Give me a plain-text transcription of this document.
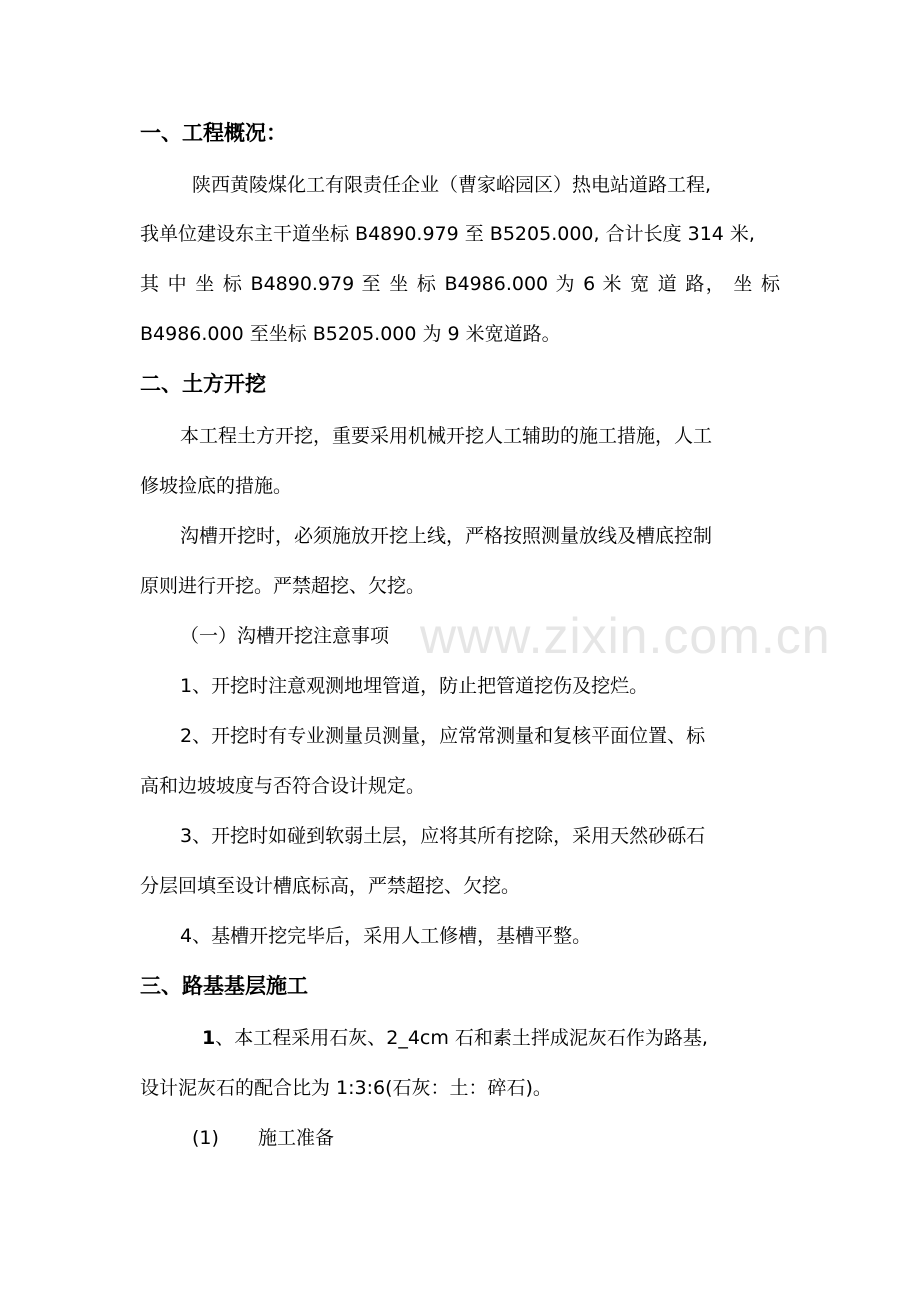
www.zixin.com.cn
一、工程概况：
陕西黄陵煤化工有限责任企业（曹家峪园区）热电站道路工程,
我单位建设东主干道坐标 B4890.979 至 B5205.000, 合计长度 314 米,
其 中 坐 标 B4890.979 至 坐 标 B4986.000 为 6 米 宽 道 路， 坐 标
B4986.000 至坐标 B5205.000 为 9 米宽道路。
二、土方开挖
本工程土方开挖，重要采用机械开挖人工辅助的施工措施，人工
修坡捡底的措施。
沟槽开挖时，必须施放开挖上线，严格按照测量放线及槽底控制
原则进行开挖。严禁超挖、欠挖。
（一）沟槽开挖注意事项
1、开挖时注意观测地埋管道，防止把管道挖伤及挖烂。
2、开挖时有专业测量员测量，应常常测量和复核平面位置、标
高和边坡坡度与否符合设计规定。
3、开挖时如碰到软弱土层，应将其所有挖除，采用天然砂砾石
分层回填至设计槽底标高，严禁超挖、欠挖。
4、基槽开挖完毕后，采用人工修槽，基槽平整。
三、路基基层施工
1、本工程采用石灰、2_4cm 石和素土拌成泥灰石作为路基,
设计泥灰石的配合比为 1:3:6(石灰：土：碎石)。
(1)	施工准备
